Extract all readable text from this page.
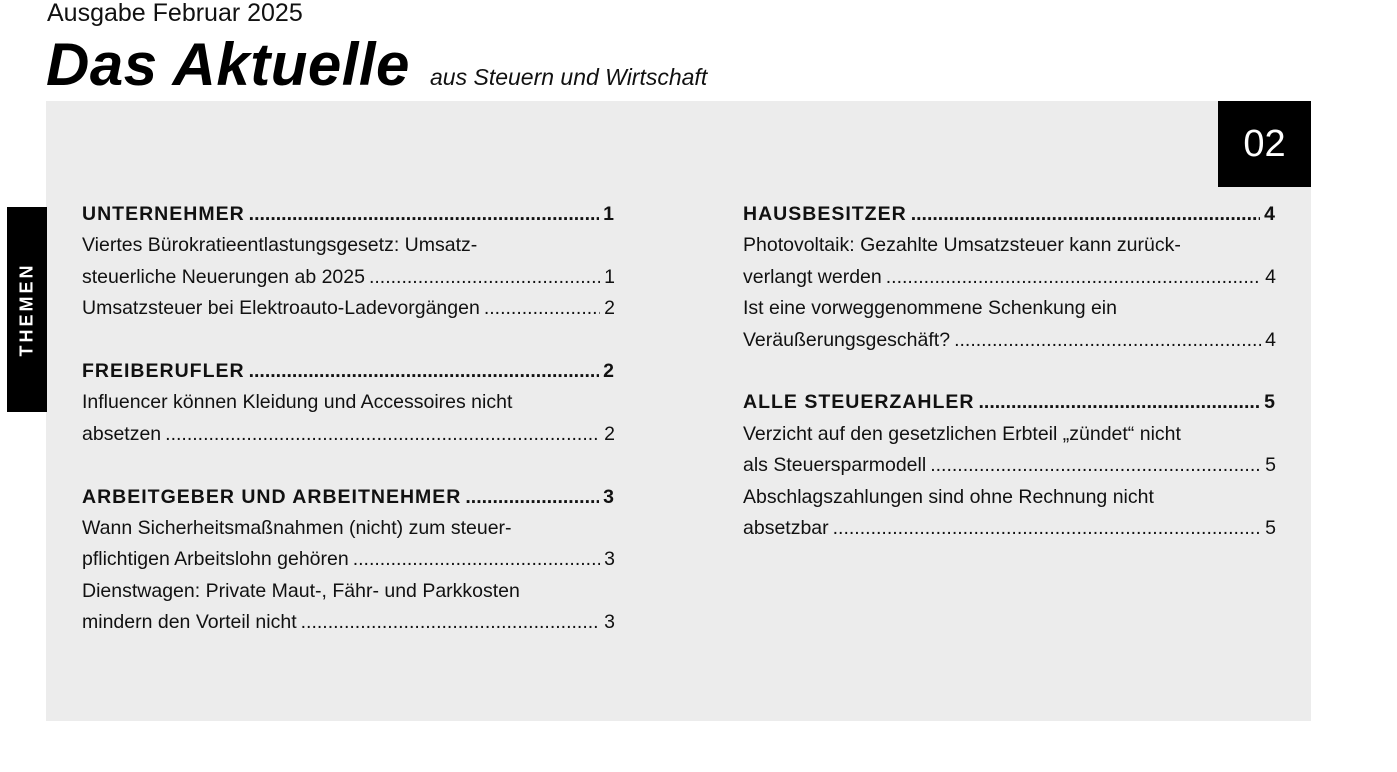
Ausgabe Februar 2025
Das Aktuelle aus Steuern und Wirtschaft
02
THEMEN
UNTERNEHMER .....	1
Viertes Bürokratieentlastungsgesetz: Umsatz-
steuerliche Neuerungen ab 2025 .....	1
Umsatzsteuer bei Elektroauto-Ladevorgängen .....	2
FREIBERUFLER .....	2
Influencer können Kleidung und Accessoires nicht
absetzen .....	2
ARBEITGEBER UND ARBEITNEHMER .....	3
Wann Sicherheitsmaßnahmen (nicht) zum steuer-
pflichtigen Arbeitslohn gehören .....	3
Dienstwagen: Private Maut-, Fähr- und Parkkosten
mindern den Vorteil nicht .....	3
HAUSBESITZER .....	4
Photovoltaik: Gezahlte Umsatzsteuer kann zurück-
verlangt werden .....	4
Ist eine vorweggenommene Schenkung ein
Veräußerungsgeschäft? .....	4
ALLE STEUERZAHLER .....	5
Verzicht auf den gesetzlichen Erbteil „zündet“ nicht
als Steuersparmodell .....	5
Abschlagszahlungen sind ohne Rechnung nicht
absetzbar .....	5
